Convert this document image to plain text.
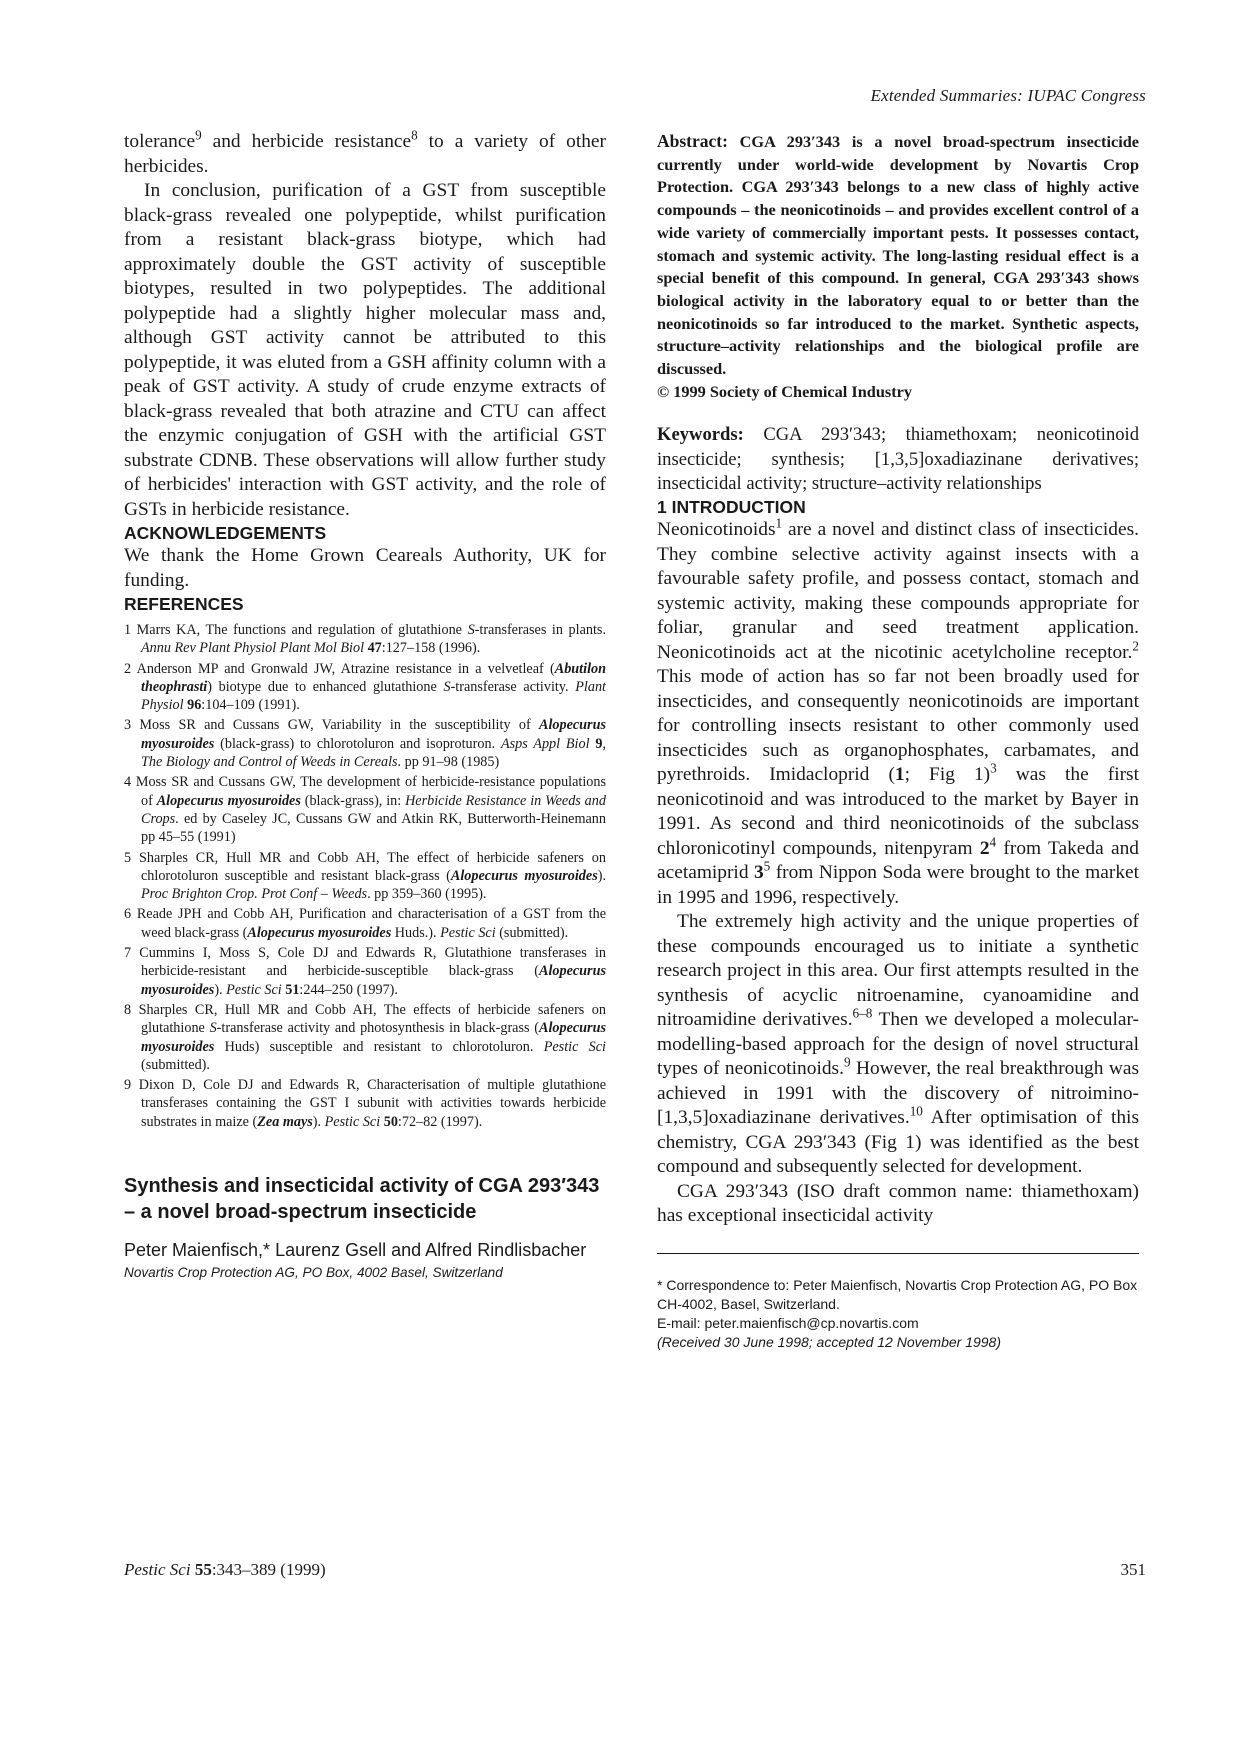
Extended Summaries: IUPAC Congress

tolerance$^9$ and herbicide resistance$^8$ to a variety of other herbicides.

In conclusion, purification of a GST from susceptible black-grass revealed one polypeptide, whilst purification from a resistant black-grass biotype, which had approximately double the GST activity of susceptible biotypes, resulted in two polypeptides. The additional polypeptide had a slightly higher molecular mass and, although GST activity cannot be attributed to this polypeptide, it was eluted from a GSH affinity column with a peak of GST activity. A study of crude enzyme extracts of black-grass revealed that both atrazine and CTU can affect the enzymic conjugation of GSH with the artificial GST substrate CDNB. These observations will allow further study of herbicides' interaction with GST activity, and the role of GSTs in herbicide resistance.

ACKNOWLEDGEMENTS

We thank the Home Grown Ceareals Authority, UK for funding.

REFERENCES
1 Marrs KA, The functions and regulation of glutathione S-transferases in plants. Annu Rev Plant Physiol Plant Mol Biol 47:127–158 (1996).
2 Anderson MP and Gronwald JW, Atrazine resistance in a velvetleaf (Abutilon theophrasti) biotype due to enhanced glutathione S-transferase activity. Plant Physiol 96:104–109 (1991).
3 Moss SR and Cussans GW, Variability in the susceptibility of Alopecurus myosuroides (black-grass) to chlorotoluron and isoproturon. Asps Appl Biol 9, The Biology and Control of Weeds in Cereals. pp 91–98 (1985)
4 Moss SR and Cussans GW, The development of herbicide-resistance populations of Alopecurus myosuroides (black-grass), in: Herbicide Resistance in Weeds and Crops. ed by Caseley JC, Cussans GW and Atkin RK, Butterworth-Heinemann pp 45–55 (1991)
5 Sharples CR, Hull MR and Cobb AH, The effect of herbicide safeners on chlorotoluron susceptible and resistant black-grass (Alopecurus myosuroides). Proc Brighton Crop. Prot Conf – Weeds. pp 359–360 (1995).
6 Reade JPH and Cobb AH, Purification and characterisation of a GST from the weed black-grass (Alopecurus myosuroides Huds.). Pestic Sci (submitted).
7 Cummins I, Moss S, Cole DJ and Edwards R, Glutathione transferases in herbicide-resistant and herbicide-susceptible black-grass (Alopecurus myosuroides). Pestic Sci 51:244–250 (1997).
8 Sharples CR, Hull MR and Cobb AH, The effects of herbicide safeners on glutathione S-transferase activity and photosynthesis in black-grass (Alopecurus myosuroides Huds) susceptible and resistant to chlorotoluron. Pestic Sci (submitted).
9 Dixon D, Cole DJ and Edwards R, Characterisation of multiple glutathione transferases containing the GST I subunit with activities towards herbicide substrates in maize (Zea mays). Pestic Sci 50:72–82 (1997).
Synthesis and insecticidal activity of CGA 293′343 – a novel broad-spectrum insecticide

Peter Maienfisch,* Laurenz Gsell and Alfred Rindlisbacher

Novartis Crop Protection AG, PO Box, 4002 Basel, Switzerland

Abstract: CGA 293′343 is a novel broad-spectrum insecticide currently under world-wide development by Novartis Crop Protection. CGA 293′343 belongs to a new class of highly active compounds – the neonicotinoids – and provides excellent control of a wide variety of commercially important pests. It possesses contact, stomach and systemic activity. The long-lasting residual effect is a special benefit of this compound. In general, CGA 293′343 shows biological activity in the laboratory equal to or better than the neonicotinoids so far introduced to the market. Synthetic aspects, structure–activity relationships and the biological profile are discussed.

© 1999 Society of Chemical Industry

Keywords: CGA 293′343; thiamethoxam; neonicotinoid insecticide; synthesis; [1,3,5]oxadiazinane derivatives; insecticidal activity; structure–activity relationships

1 INTRODUCTION

Neonicotinoids$^1$ are a novel and distinct class of insecticides. They combine selective activity against insects with a favourable safety profile, and possess contact, stomach and systemic activity, making these compounds appropriate for foliar, granular and seed treatment application. Neonicotinoids act at the nicotinic acetylcholine receptor.$^2$ This mode of action has so far not been broadly used for insecticides, and consequently neonicotinoids are important for controlling insects resistant to other commonly used insecticides such as organophosphates, carbamates, and pyrethroids. Imidacloprid (1; Fig 1)$^3$ was the first neonicotinoid and was introduced to the market by Bayer in 1991. As second and third neonicotinoids of the subclass chloronicotinyl compounds, nitenpyram $2^4$ from Takeda and acetamiprid $3^5$ from Nippon Soda were brought to the market in 1995 and 1996, respectively.

The extremely high activity and the unique properties of these compounds encouraged us to initiate a synthetic research project in this area. Our first attempts resulted in the synthesis of acyclic nitroenamine, cyanoamidine and nitroamidine derivatives.$^{6-8}$ Then we developed a molecular-modelling-based approach for the design of novel structural types of neonicotinoids.$^9$ However, the real breakthrough was achieved in 1991 with the discovery of nitroimino-[1,3,5]oxadiazinane derivatives.$^{10}$ After optimisation of this chemistry, CGA 293′343 (Fig 1) was identified as the best compound and subsequently selected for development.

CGA 293′343 (ISO draft common name: thiamethoxam) has exceptional insecticidal activity

* Correspondence to: Peter Maienfisch, Novartis Crop Protection AG, PO Box CH-4002, Basel, Switzerland.

E-mail: peter.maienfisch@cp.novartis.com

(Received 30 June 1998; accepted 12 November 1998)

Pestic Sci 55:343–389 (1999)	351
